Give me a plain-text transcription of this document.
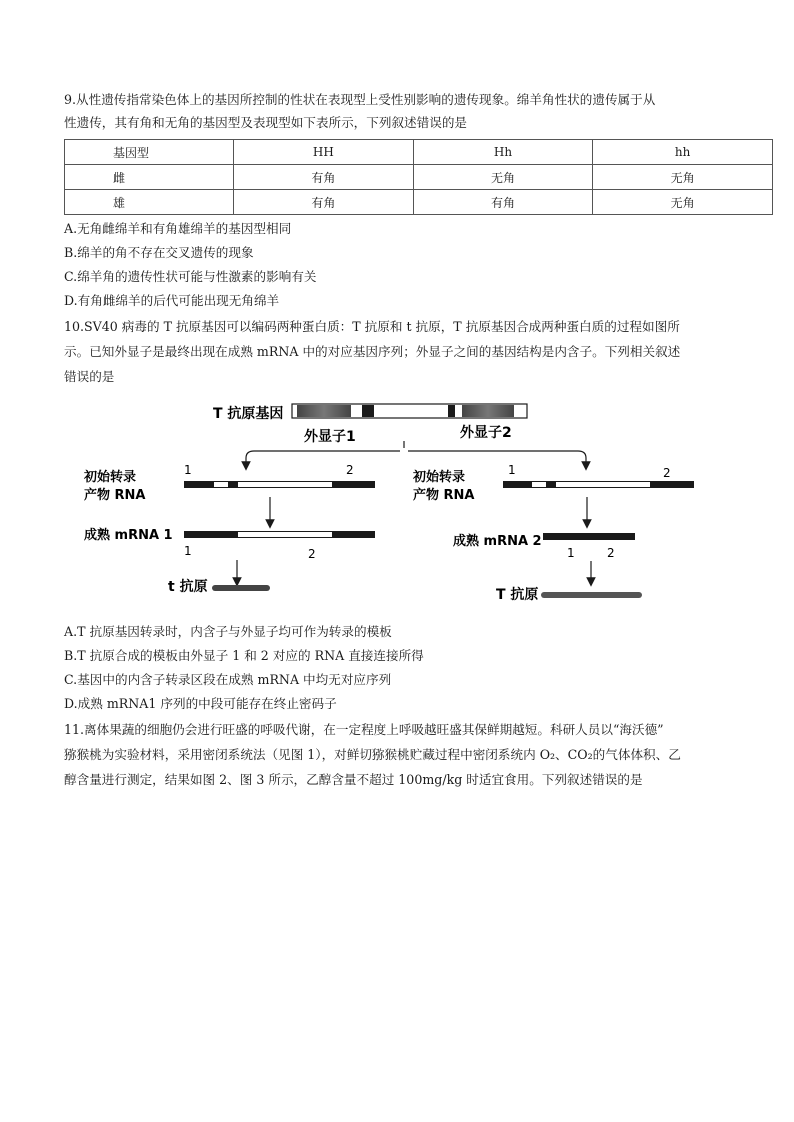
9.从性遗传指常染色体上的基因所控制的性状在表现型上受性别影响的遗传现象。绵羊角性状的遗传属于从
性遗传，其有角和无角的基因型及表现型如下表所示，下列叙述错误的是
基因型	HH	Hh	hh
雌	有角	无角	无角
雄	有角	有角	无角
A.无角雌绵羊和有角雄绵羊的基因型相同
B.绵羊的角不存在交叉遗传的现象
C.绵羊角的遗传性状可能与性激素的影响有关
D.有角雌绵羊的后代可能出现无角绵羊
10.SV40 病毒的 T 抗原基因可以编码两种蛋白质：T 抗原和 t 抗原，T 抗原基因合成两种蛋白质的过程如图所
示。已知外显子是最终出现在成熟 mRNA 中的对应基因序列；外显子之间的基因结构是内含子。下列相关叙述
错误的是
T 抗原基因
外显子1	外显子2
初始转录
产物 RNA
1	2
成熟 mRNA 1
1	2
t 抗原
初始转录
产物 RNA
1	2
成熟 mRNA 2
1	2
T 抗原
A.T 抗原基因转录时，内含子与外显子均可作为转录的模板
B.T 抗原合成的模板由外显子 1 和 2 对应的 RNA 直接连接所得
C.基因中的内含子转录区段在成熟 mRNA 中均无对应序列
D.成熟 mRNA1 序列的中段可能存在终止密码子
11.离体果蔬的细胞仍会进行旺盛的呼吸代谢，在一定程度上呼吸越旺盛其保鲜期越短。科研人员以“海沃德”
猕猴桃为实验材料，采用密闭系统法（见图 1），对鲜切猕猴桃贮藏过程中密闭系统内 O₂、CO₂的气体体积、乙
醇含量进行测定，结果如图 2、图 3 所示，乙醇含量不超过 100mg/kg 时适宜食用。下列叙述错误的是
